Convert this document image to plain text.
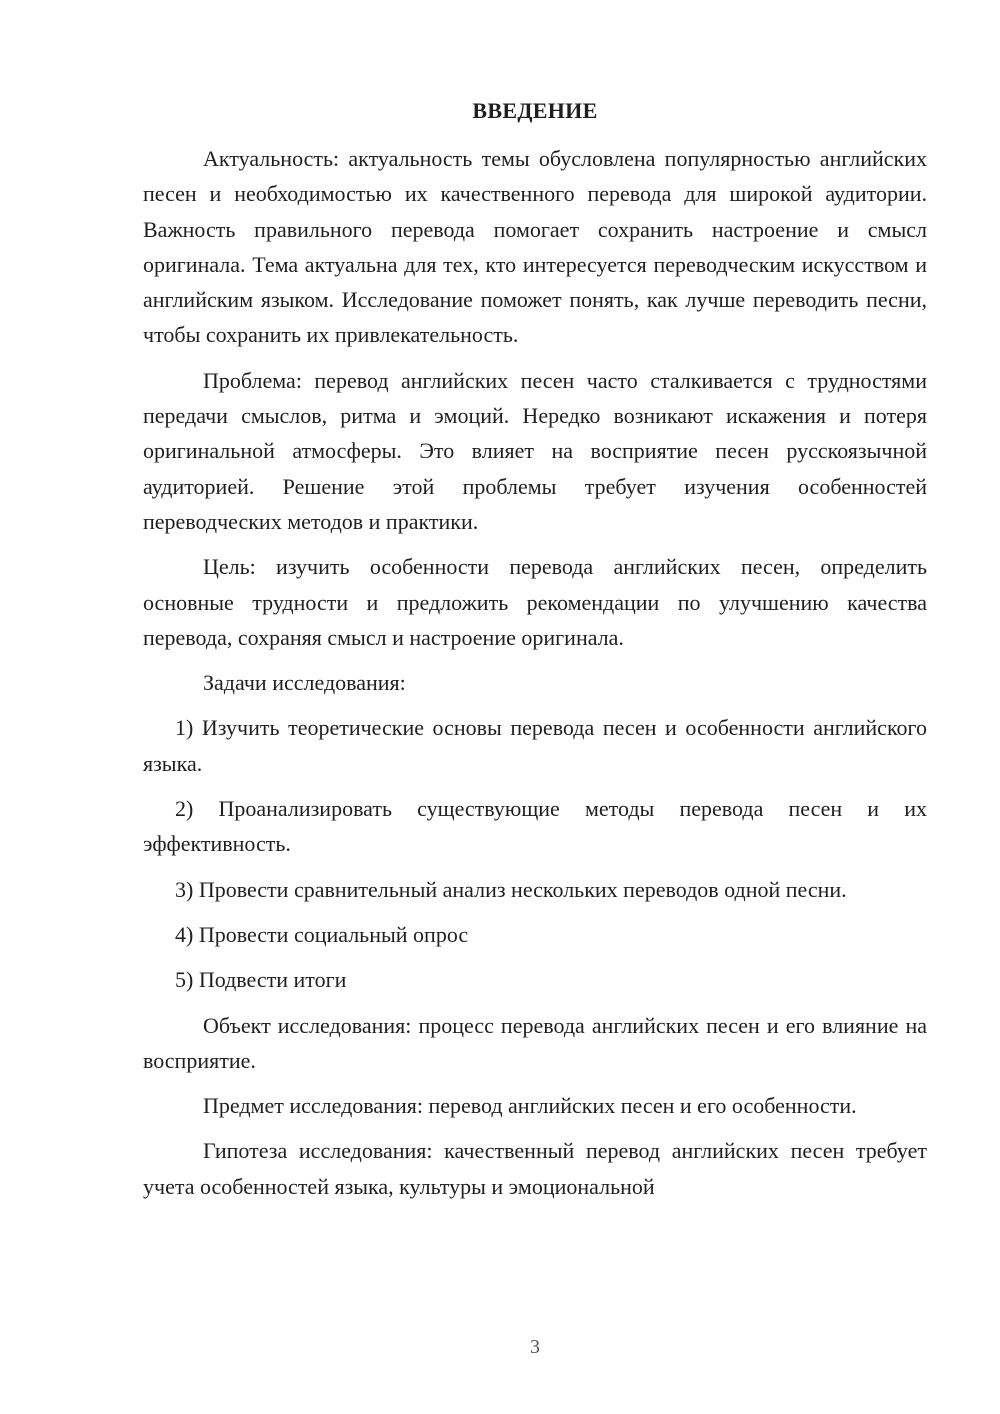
ВВЕДЕНИЕ

Актуальность: актуальность темы обусловлена популярностью английских песен и необходимостью их качественного перевода для широкой аудитории. Важность правильного перевода помогает сохранить настроение и смысл оригинала. Тема актуальна для тех, кто интересуется переводческим искусством и английским языком. Исследование поможет понять, как лучше переводить песни, чтобы сохранить их привлекательность.

Проблема: перевод английских песен часто сталкивается с трудностями передачи смыслов, ритма и эмоций. Нередко возникают искажения и потеря оригинальной атмосферы. Это влияет на восприятие песен русскоязычной аудиторией. Решение этой проблемы требует изучения особенностей переводческих методов и практики.

Цель: изучить особенности перевода английских песен, определить основные трудности и предложить рекомендации по улучшению качества перевода, сохраняя смысл и настроение оригинала.

Задачи исследования:

1) Изучить теоретические основы перевода песен и особенности английского языка.

2) Проанализировать существующие методы перевода песен и их эффективность.

3) Провести сравнительный анализ нескольких переводов одной песни.

4) Провести социальный опрос

5) Подвести итоги

Объект исследования: процесс перевода английских песен и его влияние на восприятие.

Предмет исследования: перевод английских песен и его особенности.

Гипотеза исследования: качественный перевод английских песен требует учета особенностей языка, культуры и эмоциональной

3
